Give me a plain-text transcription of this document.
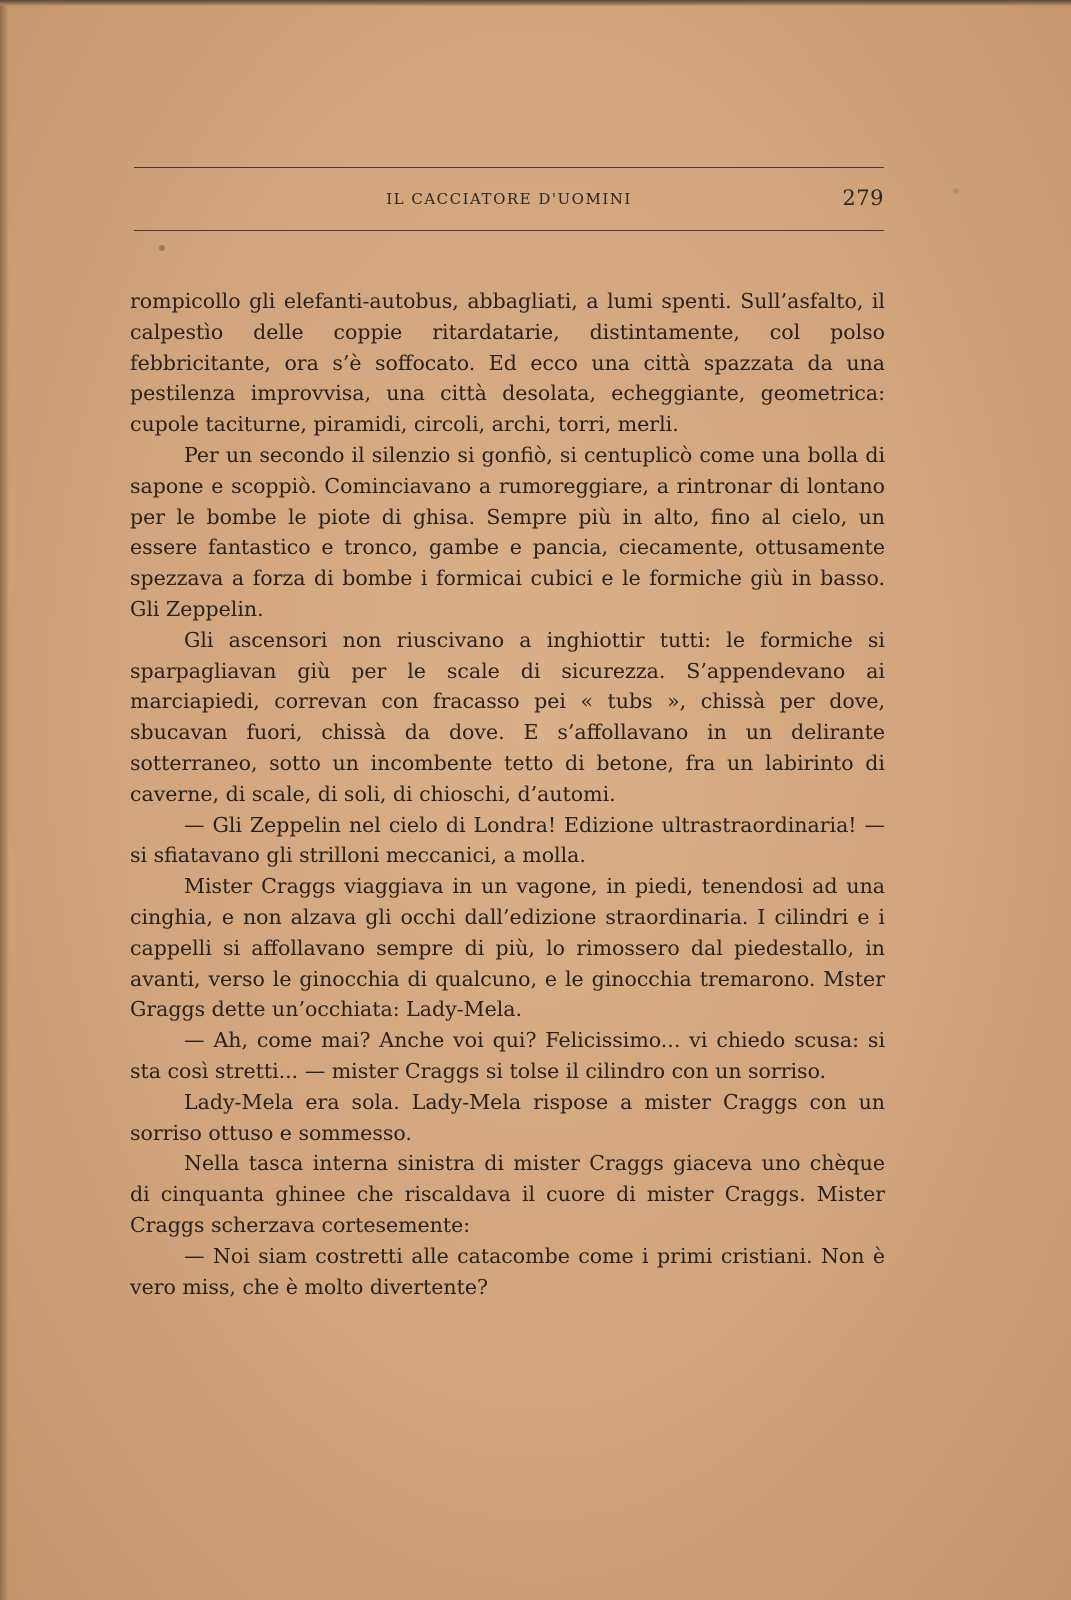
IL CACCIATORE D'UOMINI	279

rompicollo gli elefanti-autobus, abbagliati, a lumi spenti. Sull’asfalto, il calpestìo delle coppie ritardatarie, distintamente, col polso febbricitante, ora s’è soffocato. Ed ecco una città spazzata da una pestilenza improvvisa, una città desolata, echeggiante, geometrica: cupole taciturne, piramidi, circoli, archi, torri, merli.

Per un secondo il silenzio si gonfiò, si centuplicò come una bolla di sapone e scoppiò. Cominciavano a rumoreggiare, a rintronar di lontano per le bombe le piote di ghisa. Sempre più in alto, fino al cielo, un essere fantastico e tronco, gambe e pancia, ciecamente, ottusamente spezzava a forza di bombe i formicai cubici e le formiche giù in basso. Gli Zeppelin.

Gli ascensori non riuscivano a inghiottir tutti: le formiche si sparpagliavan giù per le scale di sicurezza. S’appendevano ai marciapiedi, correvan con fracasso pei « tubs », chissà per dove, sbucavan fuori, chissà da dove. E s’affollavano in un delirante sotterraneo, sotto un incombente tetto di betone, fra un labirinto di caverne, di scale, di soli, di chioschi, d’automi.

— Gli Zeppelin nel cielo di Londra! Edizione ultrastraordinaria! — si sfiatavano gli strilloni meccanici, a molla.

Mister Craggs viaggiava in un vagone, in piedi, tenendosi ad una cinghia, e non alzava gli occhi dall’edizione straordinaria. I cilindri e i cappelli si affollavano sempre di più, lo rimossero dal piedestallo, in avanti, verso le ginocchia di qualcuno, e le ginocchia tremarono. Mster Graggs dette un’occhiata: Lady-Mela.

— Ah, come mai? Anche voi qui? Felicissimo... vi chiedo scusa: si sta così stretti... — mister Craggs si tolse il cilindro con un sorriso.

Lady-Mela era sola. Lady-Mela rispose a mister Craggs con un sorriso ottuso e sommesso.

Nella tasca interna sinistra di mister Craggs giaceva uno chèque di cinquanta ghinee che riscaldava il cuore di mister Craggs. Mister Craggs scherzava cortesemente:

— Noi siam costretti alle catacombe come i primi cristiani. Non è vero miss, che è molto divertente?
